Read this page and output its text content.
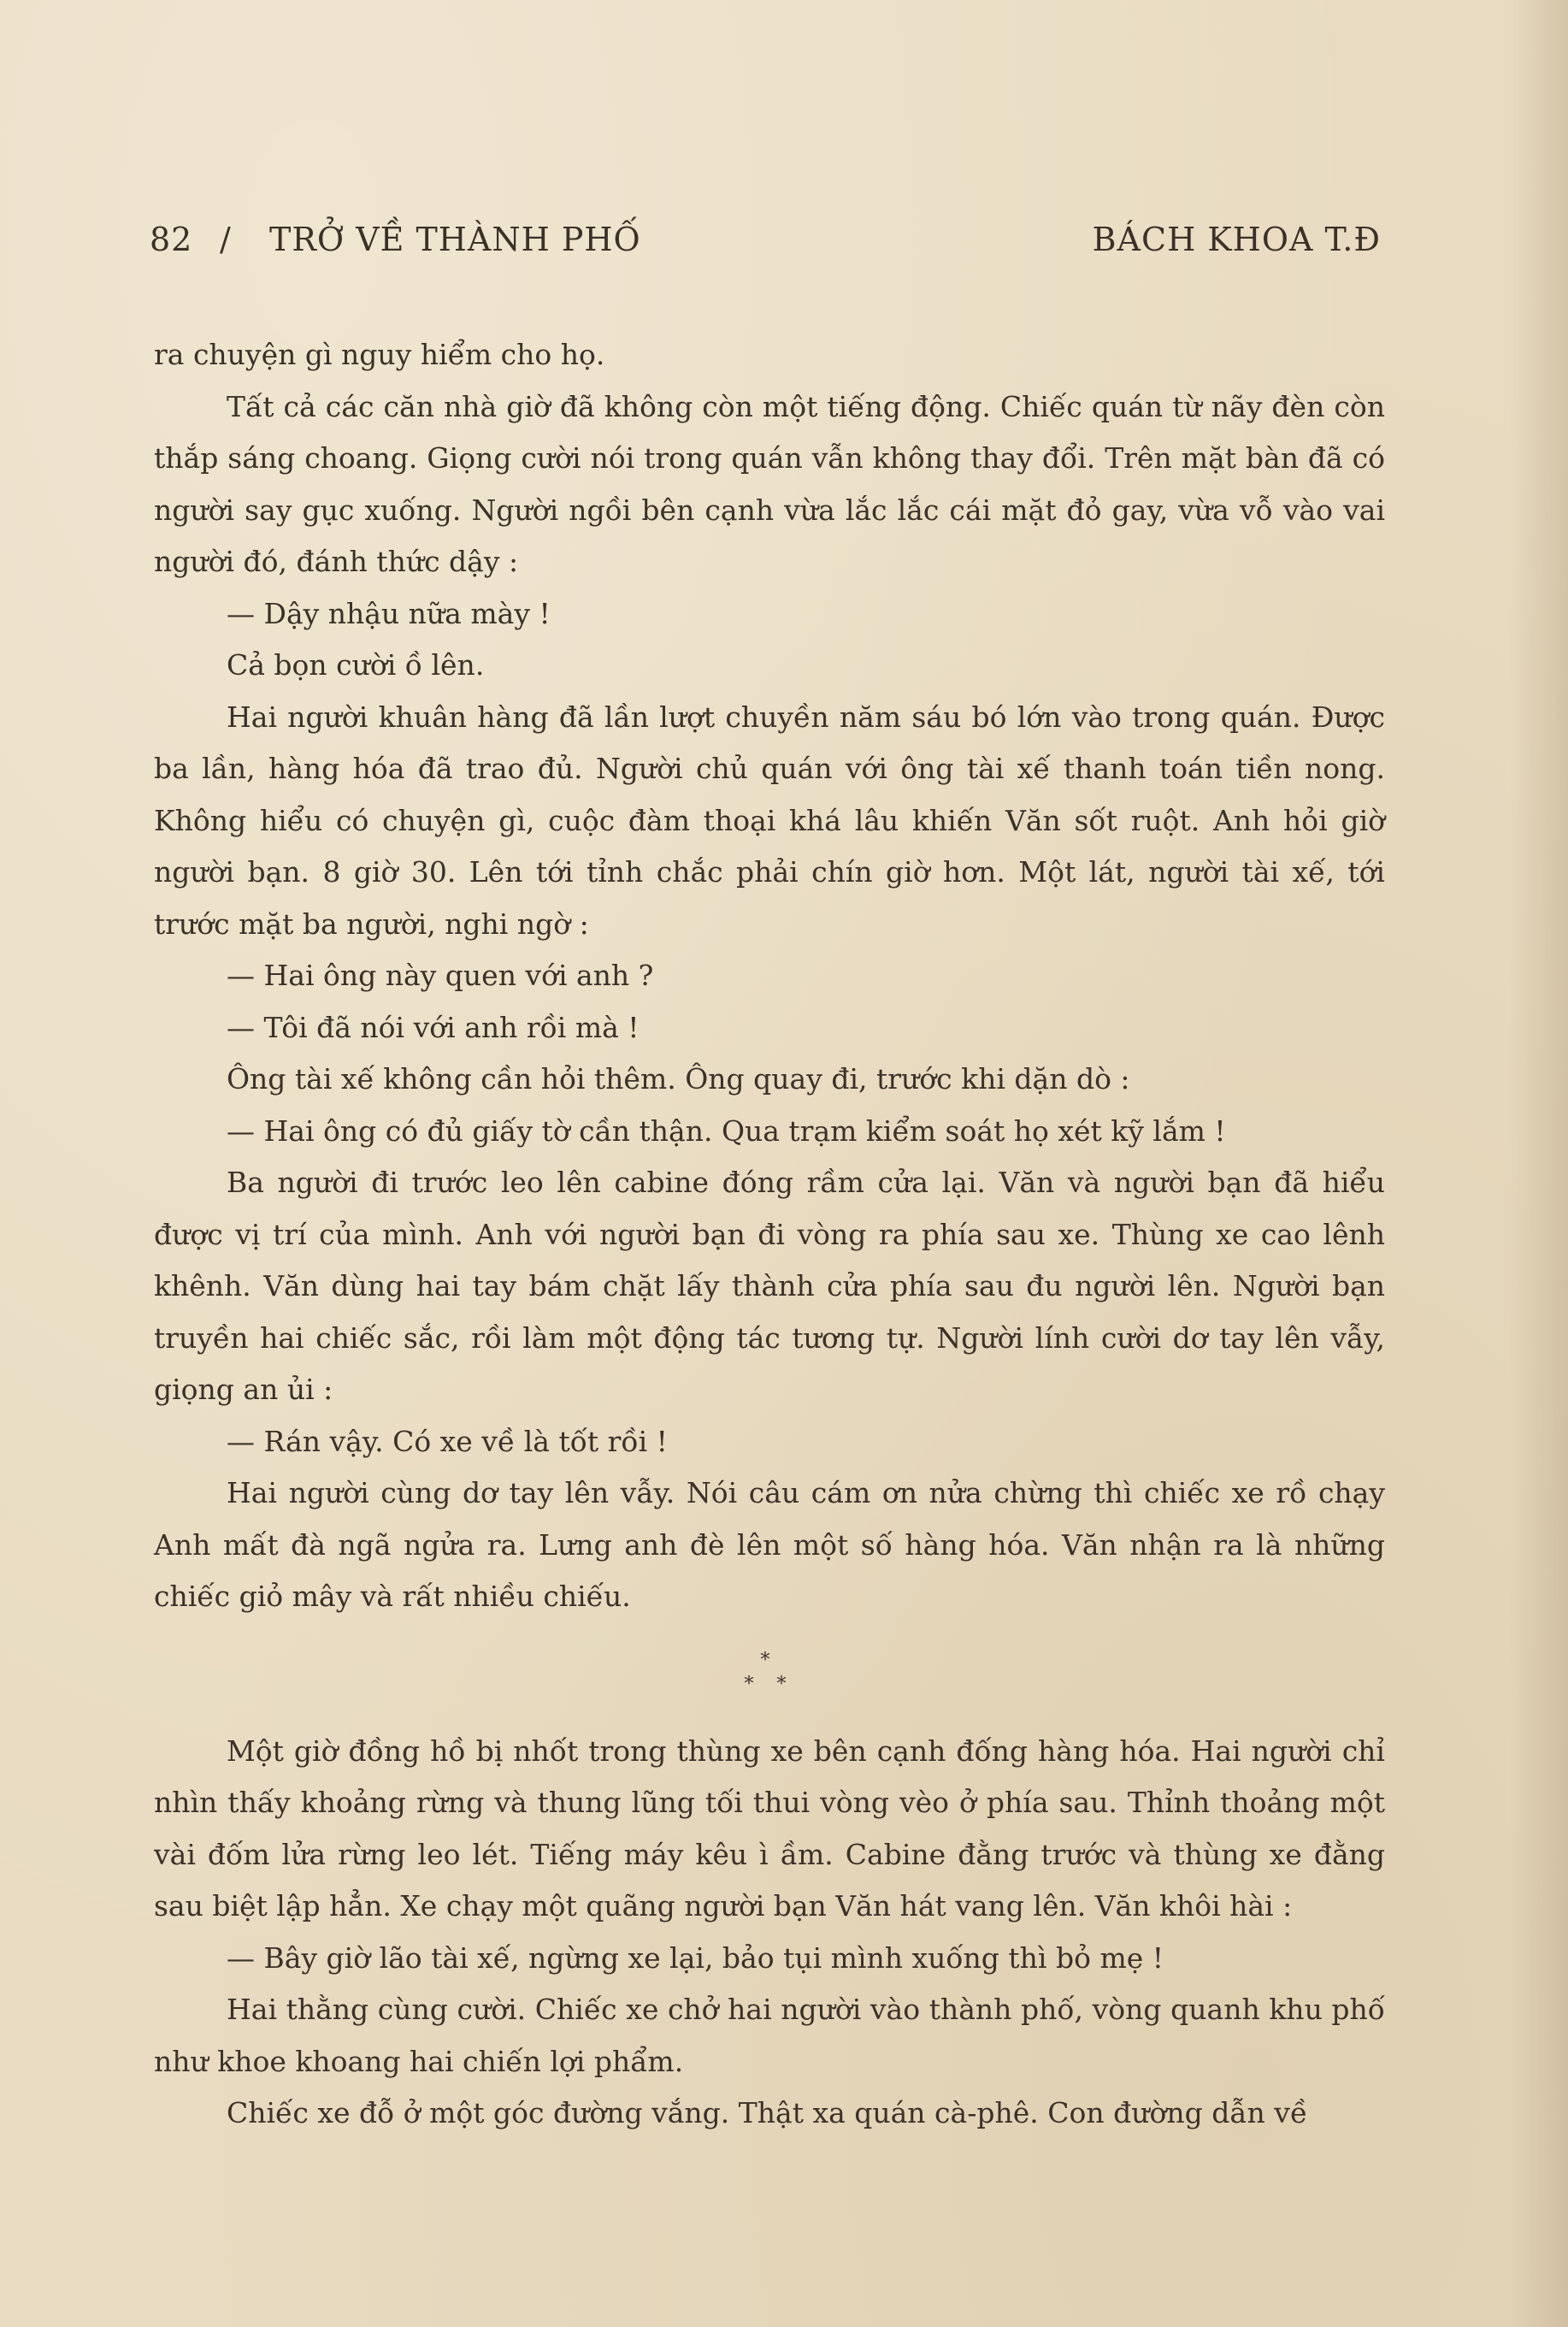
82 / TRỞ VỀ THÀNH PHỐ	BÁCH KHOA T.Đ

ra chuyện gì nguy hiểm cho họ.

Tất cả các căn nhà giờ đã không còn một tiếng động. Chiếc quán từ nãy đèn còn thắp sáng choang. Giọng cười nói trong quán vẫn không thay đổi. Trên mặt bàn đã có người say gục xuống. Người ngồi bên cạnh vừa lắc lắc cái mặt đỏ gay, vừa vỗ vào vai người đó, đánh thức dậy :

— Dậy nhậu nữa mày !

Cả bọn cười ồ lên.

Hai người khuân hàng đã lần lượt chuyền năm sáu bó lớn vào trong quán. Được ba lần, hàng hóa đã trao đủ. Người chủ quán với ông tài xế thanh toán tiền nong. Không hiểu có chuyện gì, cuộc đàm thoại khá lâu khiến Văn sốt ruột. Anh hỏi giờ người bạn. 8 giờ 30. Lên tới tỉnh chắc phải chín giờ hơn. Một lát, người tài xế, tới trước mặt ba người, nghi ngờ :

— Hai ông này quen với anh ?

— Tôi đã nói với anh rồi mà !

Ông tài xế không cần hỏi thêm. Ông quay đi, trước khi dặn dò :

— Hai ông có đủ giấy tờ cần thận. Qua trạm kiểm soát họ xét kỹ lắm !

Ba người đi trước leo lên cabine đóng rầm cửa lại. Văn và người bạn đã hiểu được vị trí của mình. Anh với người bạn đi vòng ra phía sau xe. Thùng xe cao lênh khênh. Văn dùng hai tay bám chặt lấy thành cửa phía sau đu người lên. Người bạn truyền hai chiếc sắc, rồi làm một động tác tương tự. Người lính cười dơ tay lên vẫy, giọng an ủi :

— Rán vậy. Có xe về là tốt rồi !

Hai người cùng dơ tay lên vẫy. Nói câu cám ơn nửa chừng thì chiếc xe rồ chạy Anh mất đà ngã ngửa ra. Lưng anh đè lên một số hàng hóa. Văn nhận ra là những chiếc giỏ mây và rất nhiều chiếu.

*
* *

Một giờ đồng hồ bị nhốt trong thùng xe bên cạnh đống hàng hóa. Hai người chỉ nhìn thấy khoảng rừng và thung lũng tối thui vòng vèo ở phía sau. Thỉnh thoảng một vài đốm lửa rừng leo lét. Tiếng máy kêu ì ầm. Cabine đằng trước và thùng xe đằng sau biệt lập hẳn. Xe chạy một quãng người bạn Văn hát vang lên. Văn khôi hài :

— Bây giờ lão tài xế, ngừng xe lại, bảo tụi mình xuống thì bỏ mẹ !

Hai thằng cùng cười. Chiếc xe chở hai người vào thành phố, vòng quanh khu phố như khoe khoang hai chiến lợi phẩm.

Chiếc xe đỗ ở một góc đường vắng. Thật xa quán cà-phê. Con đường dẫn về
